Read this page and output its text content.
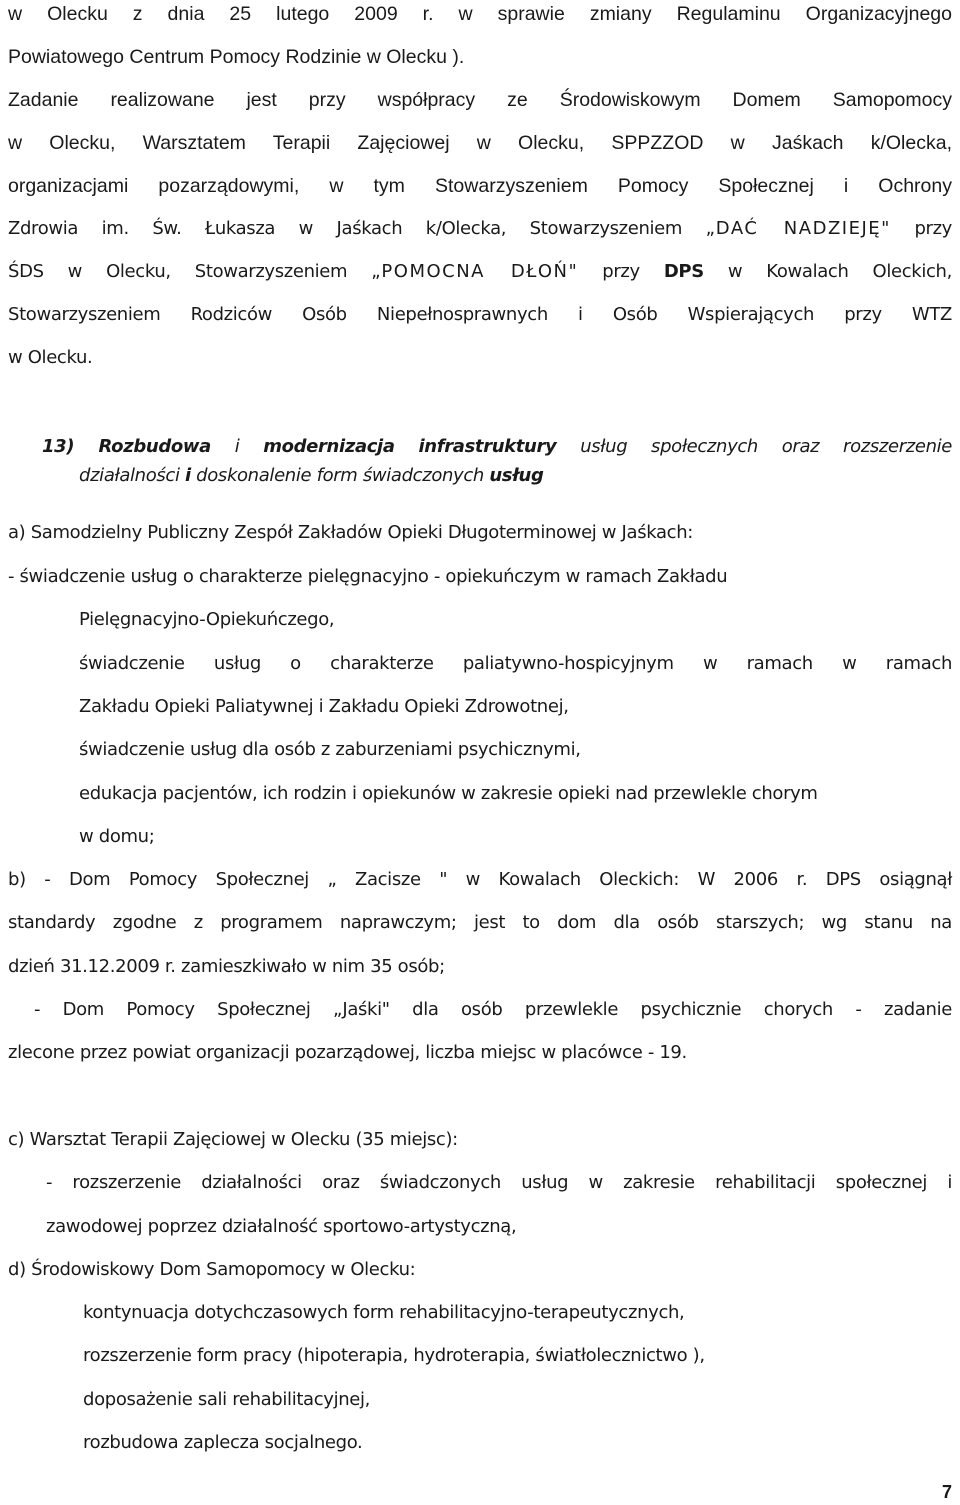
w Olecku z dnia 25 lutego 2009 r. w sprawie zmiany Regulaminu Organizacyjnego
Powiatowego Centrum Pomocy Rodzinie w Olecku ).
Zadanie realizowane jest przy współpracy ze Środowiskowym Domem Samopomocy
w Olecku, Warsztatem Terapii Zajęciowej w Olecku, SPPZZOD w Jaśkach k/Olecka,
organizacjami pozarządowymi, w tym Stowarzyszeniem Pomocy Społecznej i Ochrony
Zdrowia im. Św. Łukasza w Jaśkach k/Olecka, Stowarzyszeniem „DAĆ NADZIEJĘ" przy
ŚDS w Olecku, Stowarzyszeniem „POMOCNA DŁOŃ" przy DPS w Kowalach Oleckich,
Stowarzyszeniem Rodziców Osób Niepełnosprawnych i Osób Wspierających przy WTZ
w Olecku.
13) Rozbudowa i modernizacja infrastruktury usług społecznych oraz rozszerzenie
działalności i doskonalenie form świadczonych usług
a) Samodzielny Publiczny Zespół Zakładów Opieki Długoterminowej w Jaśkach:
- świadczenie usług o charakterze pielęgnacyjno - opiekuńczym w ramach Zakładu
Pielęgnacyjno-Opiekuńczego,
świadczenie usług o charakterze paliatywno-hospicyjnym w ramach w ramach
Zakładu Opieki Paliatywnej i Zakładu Opieki Zdrowotnej,
świadczenie usług dla osób z zaburzeniami psychicznymi,
edukacja pacjentów, ich rodzin i opiekunów w zakresie opieki nad przewlekle chorym
w domu;
b) - Dom Pomocy Społecznej „ Zacisze " w Kowalach Oleckich: W 2006 r. DPS osiągnął
standardy zgodne z programem naprawczym; jest to dom dla osób starszych; wg stanu na
dzień 31.12.2009 r. zamieszkiwało w nim 35 osób;
- Dom Pomocy Społecznej „Jaśki" dla osób przewlekle psychicznie chorych - zadanie
zlecone przez powiat organizacji pozarządowej, liczba miejsc w placówce - 19.
c) Warsztat Terapii Zajęciowej w Olecku (35 miejsc):
- rozszerzenie działalności oraz świadczonych usług w zakresie rehabilitacji społecznej i
zawodowej poprzez działalność sportowo-artystyczną,
d) Środowiskowy Dom Samopomocy w Olecku:
kontynuacja dotychczasowych form rehabilitacyjno-terapeutycznych,
rozszerzenie form pracy (hipoterapia, hydroterapia, światłolecznictwo ),
doposażenie sali rehabilitacyjnej,
rozbudowa zaplecza socjalnego.
7
